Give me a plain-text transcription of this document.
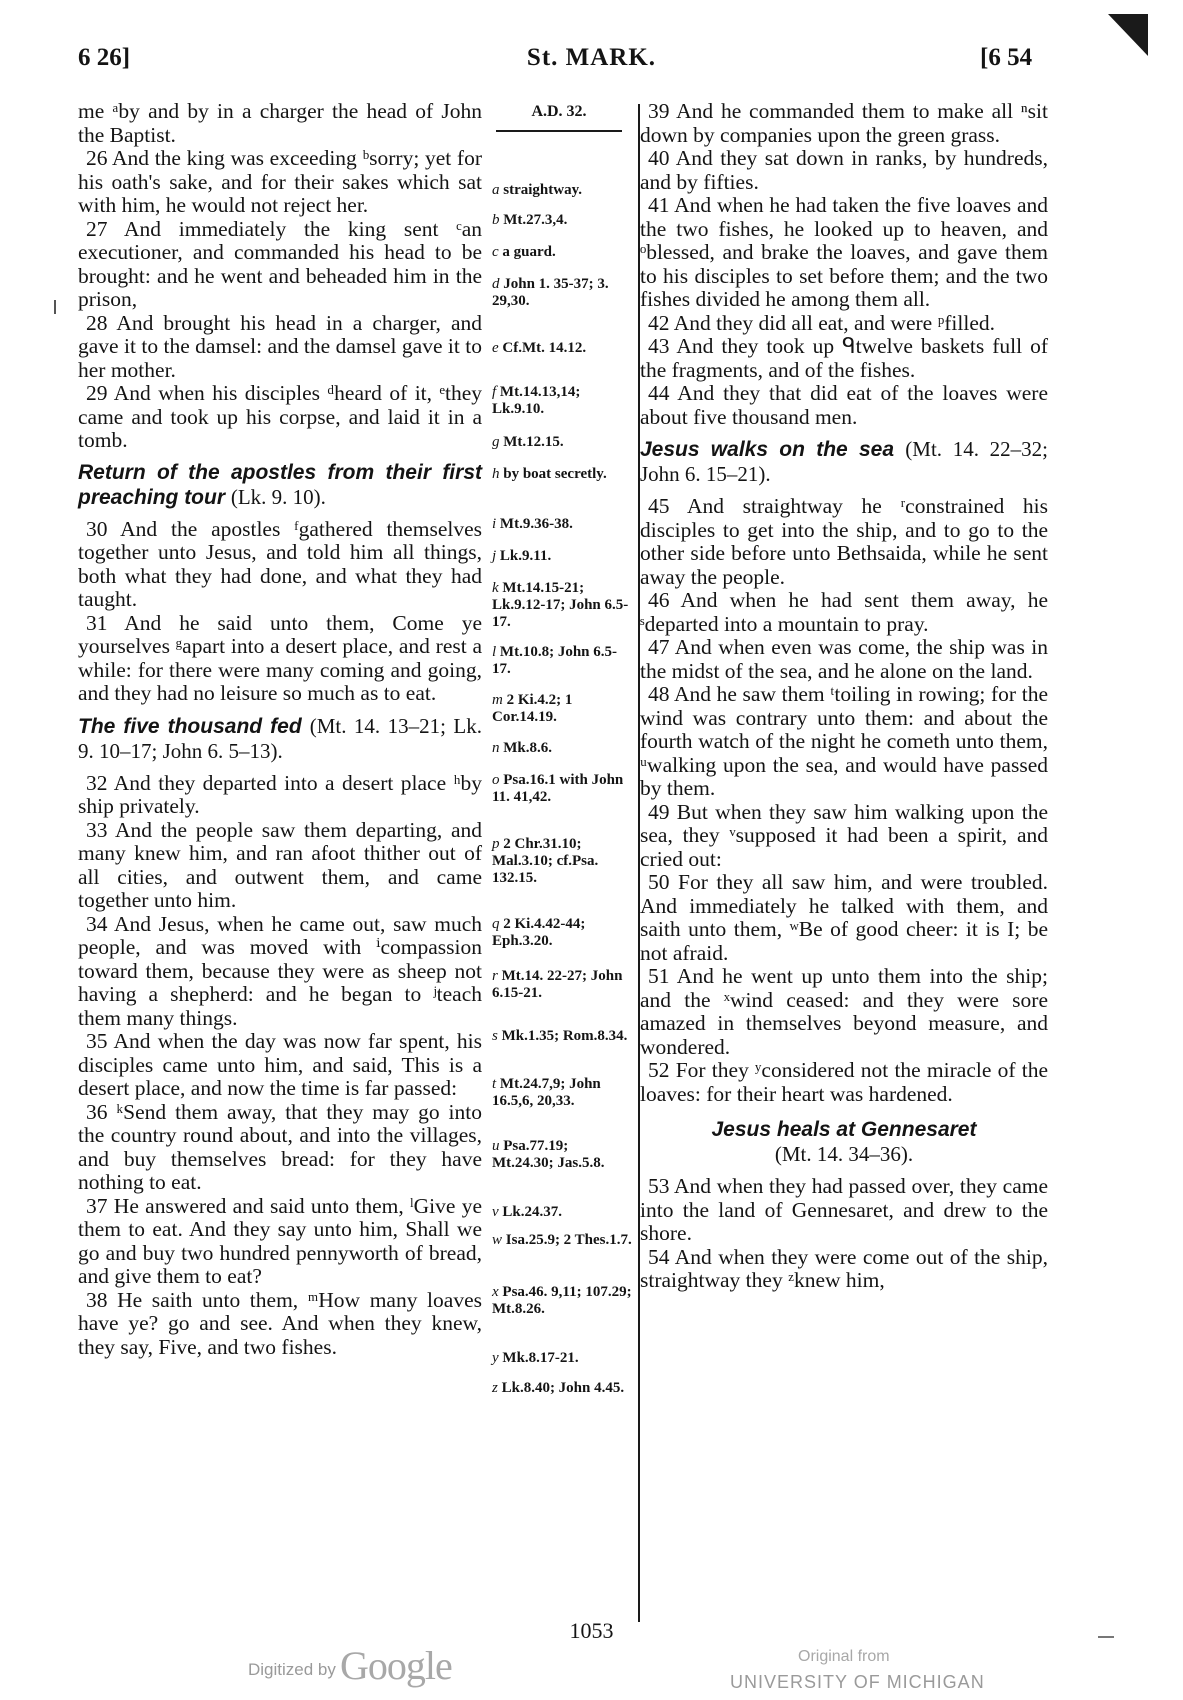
6 26]	St. MARK.	[6 54
A.D. 32.

me ᵃby and by in a charger the head of John the Baptist.

26 And the king was exceeding ᵇsorry; yet for his oath's sake, and for their sakes which sat with him, he would not reject her.

27 And immediately the king sent ᶜan executioner, and commanded his head to be brought: and he went and beheaded him in the prison,

28 And brought his head in a charger, and gave it to the damsel: and the damsel gave it to her mother.

29 And when his disciples ᵈheard of it, ᵉthey came and took up his corpse, and laid it in a tomb.

Return of the apostles from their first preaching tour (Lk. 9. 10).

30 And the apostles ᶠgathered themselves together unto Jesus, and told him all things, both what they had done, and what they had taught.

31 And he said unto them, Come ye yourselves ᵍapart into a desert place, and rest a while: for there were many coming and going, and they had no leisure so much as to eat.

The five thousand fed (Mt. 14. 13–21; Lk. 9. 10–17; John 6. 5–13).

32 And they departed into a desert place ʰby ship privately.

33 And the people saw them departing, and many knew him, and ran afoot thither out of all cities, and outwent them, and came together unto him.

34 And Jesus, when he came out, saw much people, and was moved with ⁱcompassion toward them, because they were as sheep not having a shepherd: and he began to ʲteach them many things.

35 And when the day was now far spent, his disciples came unto him, and said, This is a desert place, and now the time is far passed:

36 ᵏSend them away, that they may go into the country round about, and into the villages, and buy themselves bread: for they have nothing to eat.

37 He answered and said unto them, ˡGive ye them to eat. And they say unto him, Shall we go and buy two hundred pennyworth of bread, and give them to eat?

38 He saith unto them, ᵐHow many loaves have ye? go and see. And when they knew, they say, Five, and two fishes.

39 And he commanded them to make all ⁿsit down by companies upon the green grass.

40 And they sat down in ranks, by hundreds, and by fifties.

41 And when he had taken the five loaves and the two fishes, he looked up to heaven, and ᵒblessed, and brake the loaves, and gave them to his disciples to set before them; and the two fishes divided he among them all.

42 And they did all eat, and were ᵖfilled.

43 And they took up ᑫtwelve baskets full of the fragments, and of the fishes.

44 And they that did eat of the loaves were about five thousand men.

Jesus walks on the sea (Mt. 14. 22–32; John 6. 15–21).

45 And straightway he ʳconstrained his disciples to get into the ship, and to go to the other side before unto Bethsaida, while he sent away the people.

46 And when he had sent them away, he ˢdeparted into a mountain to pray.

47 And when even was come, the ship was in the midst of the sea, and he alone on the land.

48 And he saw them ᵗtoiling in rowing; for the wind was contrary unto them: and about the fourth watch of the night he cometh unto them, ᵘwalking upon the sea, and would have passed by them.

49 But when they saw him walking upon the sea, they ᵛsupposed it had been a spirit, and cried out:

50 For they all saw him, and were troubled. And immediately he talked with them, and saith unto them, ʷBe of good cheer: it is I; be not afraid.

51 And he went up unto them into the ship; and the ˣwind ceased: and they were sore amazed in themselves beyond measure, and wondered.

52 For they ʸconsidered not the miracle of the loaves: for their heart was hardened.

Jesus heals at Gennesaret
(Mt. 14. 34–36).

53 And when they had passed over, they came into the land of Gennesaret, and drew to the shore.

54 And when they were come out of the ship, straightway they ᶻknew him,

1053
Digitized by Google	Original from
UNIVERSITY OF MICHIGAN
a straightway.
b Mt.27.3,4.
c a guard.
d John 1. 35-37; 3. 29,30.
e Cf.Mt. 14.12.
f Mt.14.13,14; Lk.9.10.
g Mt.12.15.
h by boat secretly.
i Mt.9.36-38.
j Lk.9.11.
k Mt.14.15-21; Lk.9.12-17; John 6.5-17.
l Mt.10.8; John 6.5-17.
m 2 Ki.4.2; 1 Cor.14.19.
n Mk.8.6.
o Psa.16.1 with John 11. 41,42.
p 2 Chr.31.10; Mal.3.10; cf.Psa. 132.15.
q 2 Ki.4.42-44; Eph.3.20.
r Mt.14. 22-27; John 6.15-21.
s Mk.1.35; Rom.8.34.
t Mt.24.7,9; John 16.5,6, 20,33.
u Psa.77.19; Mt.24.30; Jas.5.8.
v Lk.24.37.
w Isa.25.9; 2 Thes.1.7.
x Psa.46. 9,11; 107.29; Mt.8.26.
y Mk.8.17-21.
z Lk.8.40; John 4.45.
